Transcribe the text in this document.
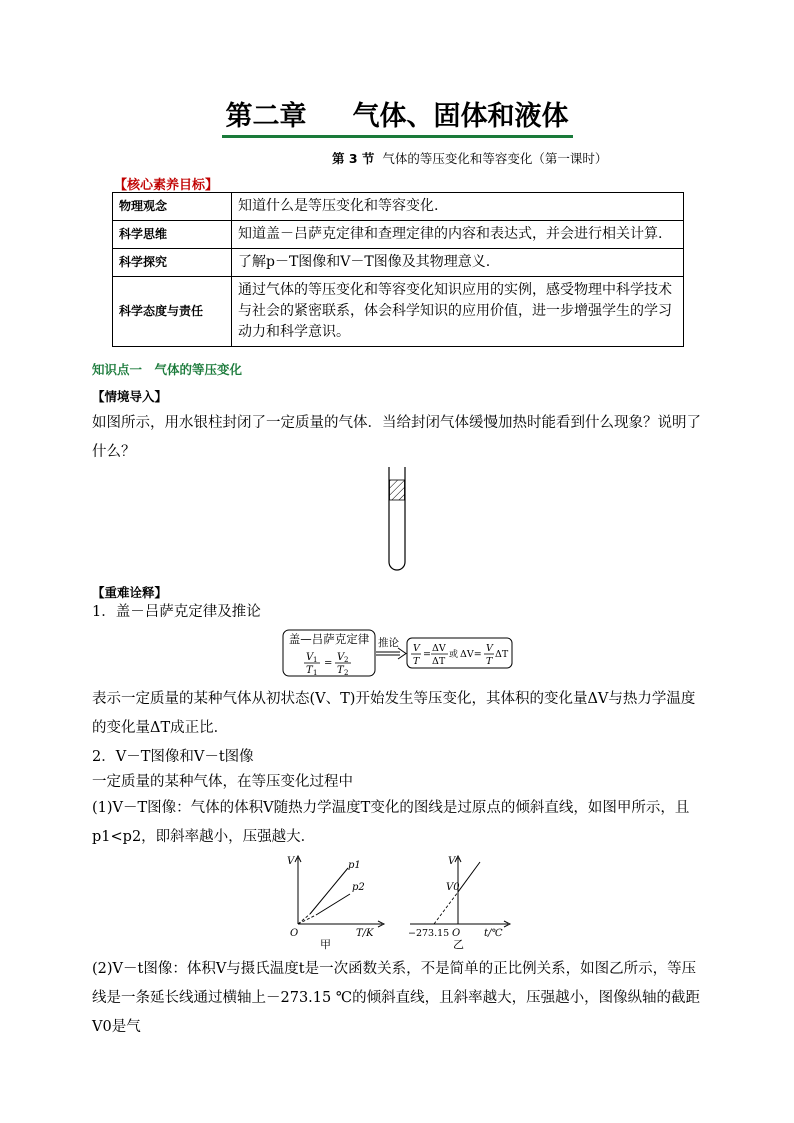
第二章 气体、固体和液体
第 3 节 气体的等压变化和等容变化（第一课时）
【核心素养目标】
物理观念	知道什么是等压变化和等容变化.
科学思维	知道盖－吕萨克定律和查理定律的内容和表达式，并会进行相关计算.
科学探究	了解p－T图像和V－T图像及其物理意义.
科学态度与责任	通过气体的等压变化和等容变化知识应用的实例，感受物理中科学技术与社会的紧密联系，体会科学知识的应用价值，进一步增强学生的学习动力和科学意识。
知识点一　气体的等压变化
【情境导入】
如图所示，用水银柱封闭了一定质量的气体．当给封闭气体缓慢加热时能看到什么现象？说明了什么？
【重难诠释】
1．盖－吕萨克定律及推论
盖—吕萨克定律
V 1
T 1
=
V 2
T 2
推论 V
T
=
ΔV
ΔT
或 ΔV=
V
T
ΔT
表示一定质量的某种气体从初状态(V、T)开始发生等压变化，其体积的变化量ΔV与热力学温度的变化量ΔT成正比．
2．V－T图像和V－t图像
一定质量的某种气体，在等压变化过程中
(1)V－T图像：气体的体积V随热力学温度T变化的图线是过原点的倾斜直线，如图甲所示，且p1<p2，即斜率越小，压强越大．
V	p1
p2
O	T/K
甲
V
V0
O
−273.15	t/℃
乙
(2)V－t图像：体积V与摄氏温度t是一次函数关系，不是简单的正比例关系，如图乙所示，等压线是一条延长线通过横轴上－273.15 ℃的倾斜直线，且斜率越大，压强越小，图像纵轴的截距V0是气
